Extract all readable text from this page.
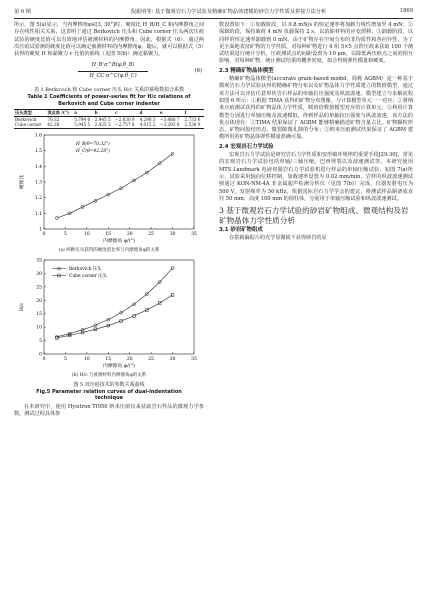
第 6 期	倪振明等: 基于微观岩石力学试验及精确矿物晶体建模的砂岩力学性质及拼接方法分析	1869

所示。图 5(a)显示，当内摩擦角φ∈[3, 30°]时，硬度比 H_B/H_C 和内摩擦角之间存在线性相关关系，这表明了通过 Berkovich 压头和 Cube corner 压头两次压痕试验的硬度比值可以有效地评估被测材料的内摩擦角。因此，根据式（6），通过两次压痕试验测的硬度比值可以确定被测材料的内摩擦角φ。随后，就可以根据式（5）获得的硬度 H 和黏聚力 c 比值的曲线（见图 5(b)）确定黏聚力。

H_B·σ^B(φ,θ_B)
H_CC·σ^C(φ,θ_C)
(6)
表 1 Berkovich 和 Cube corner 压头 H/c 关系的幂级数拟合系数
Table 1 Coefficients of power-series fit for H/c relations of
Berkovich and Cube corner indenter
压头类型	顶点角 /(°)	a	b	c	d	e	f
Berkovich	70.32	5.794 6	2.945 5	−2.630 9	4.290 3	−3.488 7	2.733 6
Cube corner	42.28	5.945 5	2.425 3	−2.757 8	4.015 2	−3.293 8	2.538 9
0	5	10	15	20	25	30	35
1
1.1
1.2
1.3
1.4
1.5
1.6
内摩擦角 φ/(°)
硬度比
H_B(θ=70.32°)
H_C(θ=42.28°)
(a) 两种压头获得的硬度值比率与内摩擦角φ的关系
0	5	10	15	20	25	30	35
0
5
10
15
20
25
30
35
内摩擦角 φ/(°)
H/c
Berkovich 压头
Cube corner 压头
(b) H/c 与被测材料内摩擦角φ的关系
图 5 双压痕技术的参数关系曲线
Fig.5 Parameter relation curves of dual-indentation
technique

在本研究中，使用 Hysitron TI950 纳米压痕仪来获取岩石样品的微观力学参数，测试过程具体参

数设置如下：①加载阶段，以 0.8 mN/s 的恒定速率将加载力线性增加至 4 mN；②保载阶段，保持载荷 4 mN 负载保持 2 s，以消除材料的应变漂移；③卸载阶段，以同样的恒定速率卸载到 0 mN。由于矿物存在空间分布的非均质性和各向异性，为了更全面地表征矿物的力学性质，对每种矿物进行 4 组 5×5 点阵压痕来获取 100 个测试结果进行统计分析。压痕测试点的间距设置为 10 μm，以降低两压痕点之间的相互影响。对每种矿物，统计测试结果的概率密度，拟合得到弹性模量和硬度。

2.3 精确矿物晶体模型

精确矿物晶体模型(accurate grain-based model，简称 AGBM）是一种基于微观岩石力学试验获得的精确矿物分布以及矿物晶体力学性质建立的数值模型，通过该方法可以评估任意形状岩石样品的单轴抗压强度及纵波波速。模型建立与求解流程如图 6 所示：①根据 TIMA 获得的矿物分布图像，与计算模型单元一一对应；②将纳米压痕测试获得的矿物晶体力学性质，赋值给数值模型对应的计算单元；③利用计算模型分别进行单轴压缩及波速模拟，得到样品的单轴抗压强度与纵波波速，该方法的优点体现在：①TIMA 结果保证了 AGBM 能够精确描述矿物含量占比、矿物颗粒形态、矿物间胶结形态、微裂隙微孔隙的分布；②纳米压痕测试结果保证了 AGBM 建模所用的矿物晶体弹性模量准确可靠。

2.4 宏观岩石力学试验

宏观岩石力学试验是研究岩石力学性质和变形破坏规律的重要手段[29-30]，常见的宏观岩石力学试验包括单轴/三轴压缩、巴西劈裂以及波速测试等。本研究使用 MTS Landmark 电液伺服岩石力学试验机进行样品的单轴压缩试验，如图 7(a)所示，试验采用轴向位移控制，加载速率设置为 0.02 mm/min，岩样的纵波波速测试则通过 KON-NM-4A 非金属超声检测分析仪（见图 7(b)）完成，仪器发射电压为 500 V，发射频率为 50 kHz，依据国际岩石力学学会的建议，将测试样品制备成直径 50 mm、高度 100 mm 的圆柱体，分别用于单轴压缩试验和纵波波速测试。

3 基于微观岩石力学试验的砂岩矿物组成、微观结构及岩矿物晶体力学性质分析
3.1 砂岩矿物组成

在搭载偏振片的光学显微镜下获得砂岩的显
